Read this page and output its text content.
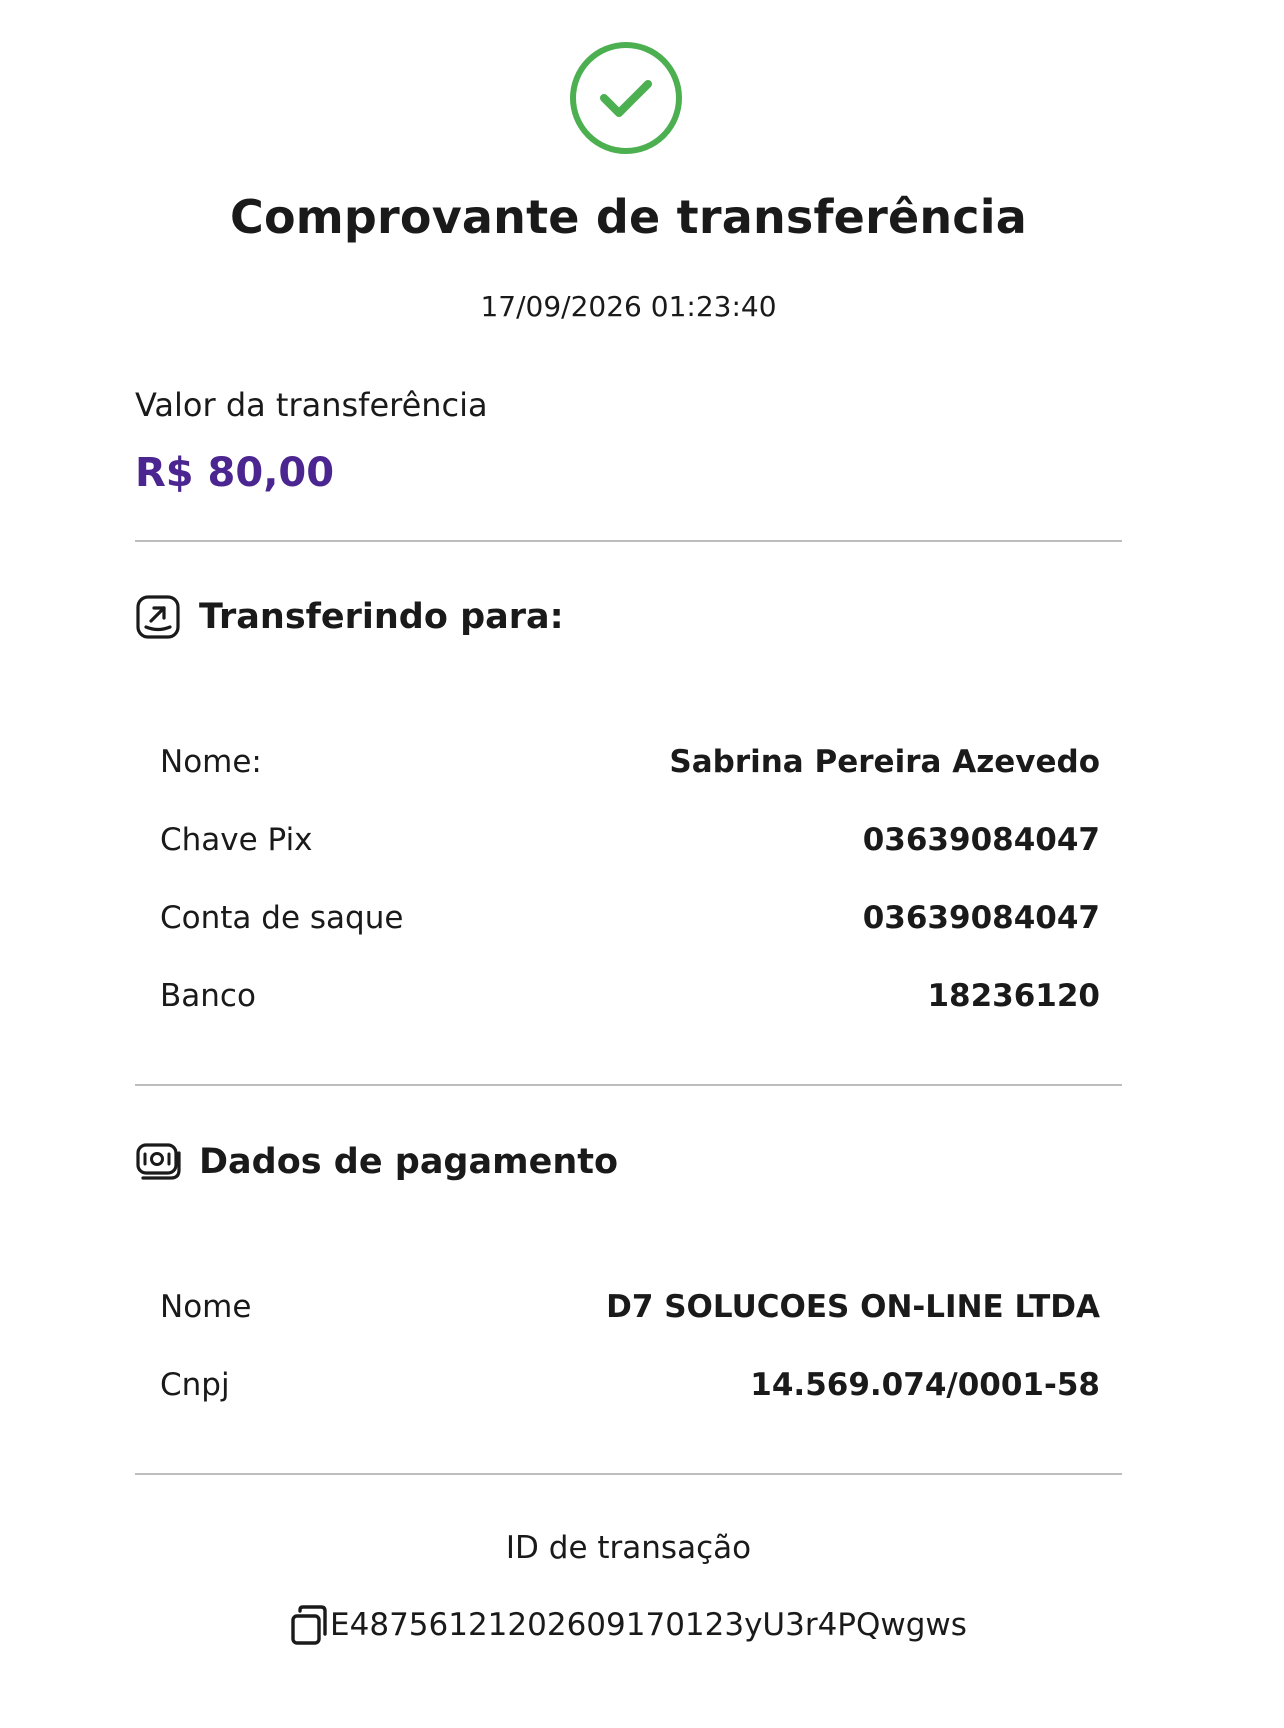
Comprovante de transferência
17/09/2026 01:23:40
Valor da transferência
R$ 80,00
Transferindo para:
Nome:	Sabrina Pereira Azevedo
Chave Pix	03639084047
Conta de saque	03639084047
Banco	18236120
Dados de pagamento
Nome	D7 SOLUCOES ON-LINE LTDA
Cnpj	14.569.074/0001-58
ID de transação
E48756121202609170123yU3r4PQwgws
